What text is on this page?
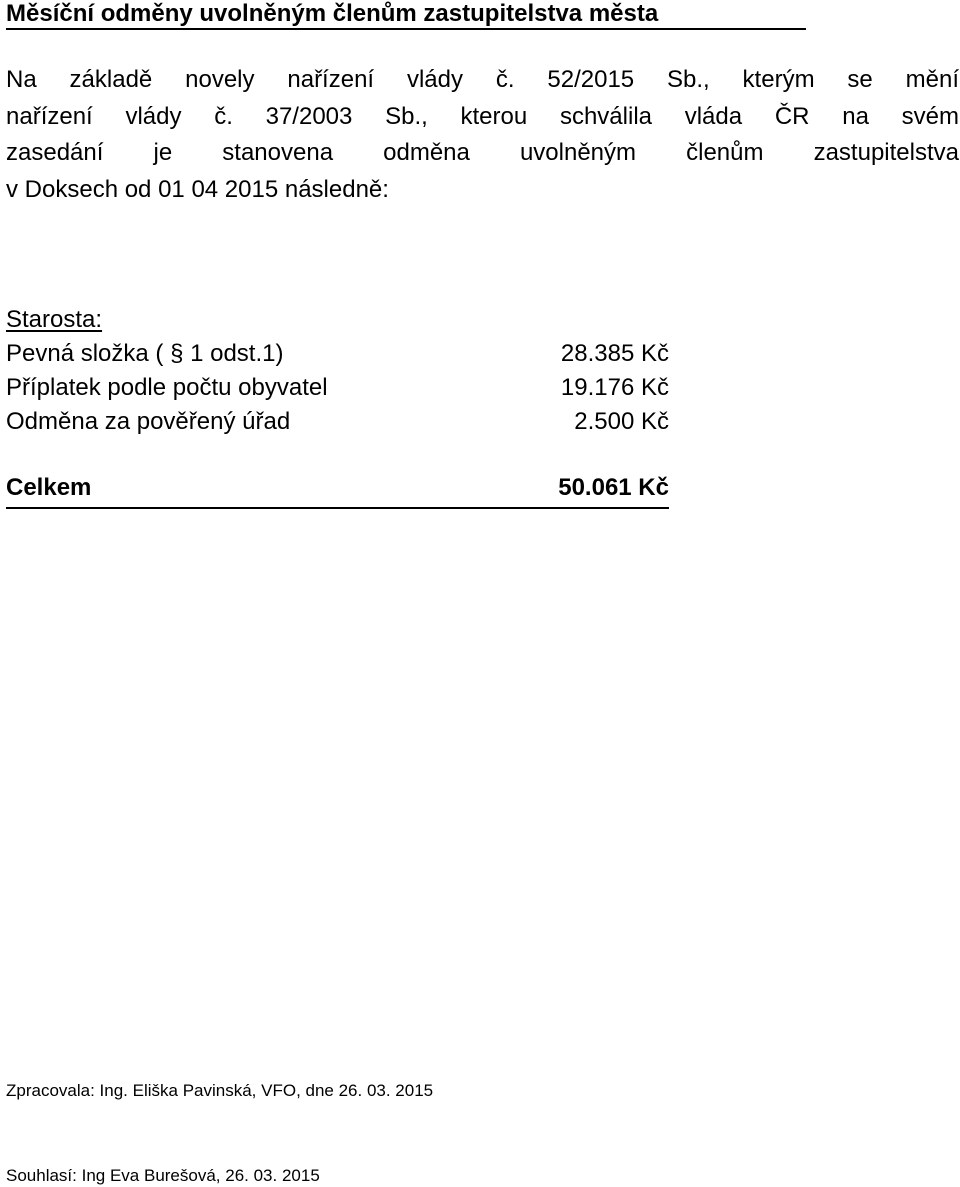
Měsíční odměny uvolněným členům zastupitelstva města
Na základě novely nařízení vlády č. 52/2015 Sb., kterým se mění
nařízení vlády č. 37/2003 Sb., kterou schválila vláda ČR na svém
zasedání je stanovena odměna uvolněným členům zastupitelstva
v Doksech od 01 04 2015 následně:
Starosta:
Pevná složka ( § 1 odst.1)	28.385 Kč
Příplatek podle počtu obyvatel	19.176 Kč
Odměna za pověřený úřad	2.500 Kč
Celkem	50.061 Kč
Zpracovala: Ing. Eliška Pavinská, VFO, dne 26. 03. 2015
Souhlasí: Ing Eva Burešová, 26. 03. 2015
